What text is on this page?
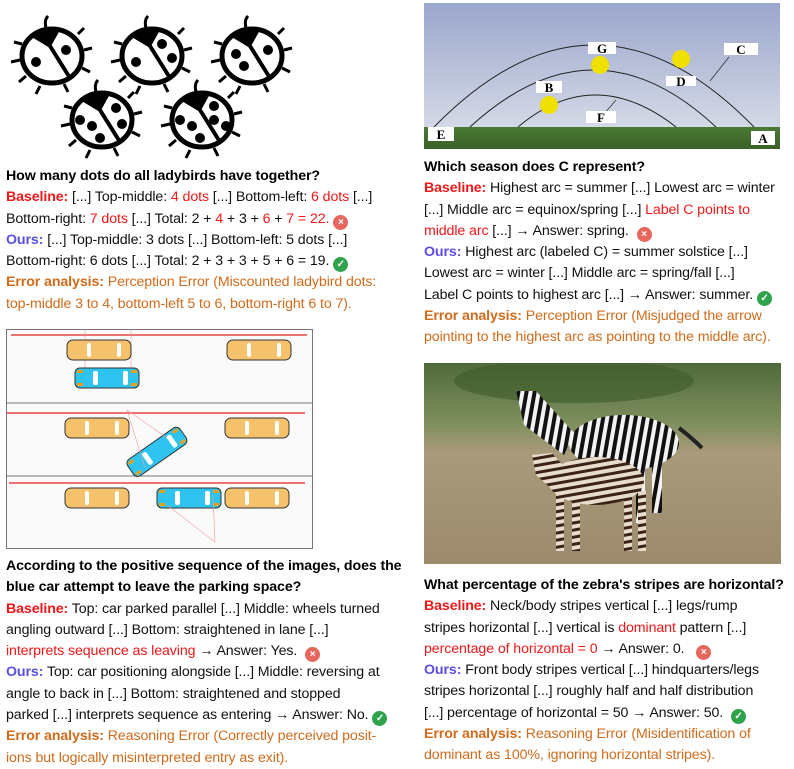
How many dots do all ladybirds have together?
Baseline: [...] Top-middle: 4 dots [...] Bottom-left: 6 dots [...]
Bottom-right: 7 dots [...] Total: 2 + 4 + 3 + 6 + 7 = 22. ×
Ours: [...] Top-middle: 3 dots [...] Bottom-left: 5 dots [...]
Bottom-right: 6 dots [...] Total: 2 + 3 + 3 + 5 + 6 = 19. ✓
Error analysis: Perception Error (Miscounted ladybird dots:
top-middle 3 to 4, bottom-left 5 to 6, bottom-right 6 to 7).
G	C
D
B
F
E	A
Which season does C represent?
Baseline: Highest arc = summer [...] Lowest arc = winter
[...] Middle arc = equinox/spring [...] Label C points to
middle arc [...] → Answer: spring. ×
Ours: Highest arc (labeled C) = summer solstice [...]
Lowest arc = winter [...] Middle arc = spring/fall [...]
Label C points to highest arc [...] → Answer: summer. ✓
Error analysis: Perception Error (Misjudged the arrow
pointing to the highest arc as pointing to the middle arc).
According to the positive sequence of the images, does the
blue car attempt to leave the parking space?
Baseline: Top: car parked parallel [...] Middle: wheels turned
angling outward [...] Bottom: straightened in lane [...]
interprets sequence as leaving → Answer: Yes. ×
Ours: Top: car positioning alongside [...] Middle: reversing at
angle to back in [...] Bottom: straightened and stopped
parked [...] interprets sequence as entering → Answer: No. ✓
Error analysis: Reasoning Error (Correctly perceived posit-
ions but logically misinterpreted entry as exit).
What percentage of the zebra's stripes are horizontal?
Baseline: Neck/body stripes vertical [...] legs/rump
stripes horizontal [...] vertical is dominant pattern [...]
percentage of horizontal = 0 → Answer: 0. ×
Ours: Front body stripes vertical [...] hindquarters/legs
stripes horizontal [...] roughly half and half distribution
[...] percentage of horizontal = 50 → Answer: 50. ✓
Error analysis: Reasoning Error (Misidentification of
dominant as 100%, ignoring horizontal stripes).
